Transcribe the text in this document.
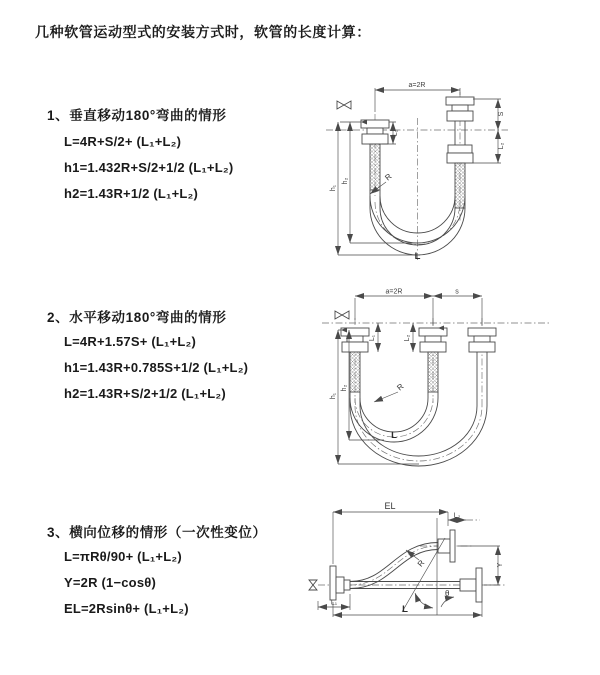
几种软管运动型式的安装方式时，软管的长度计算：
1、垂直移动180°弯曲的情形
L=4R+S/2+ (L₁+L₂)
h1=1.432R+S/2+1/2 (L₁+L₂)
h2=1.43R+1/2 (L₁+L₂)
2、水平移动180°弯曲的情形
L=4R+1.57S+ (L₁+L₂)
h1=1.43R+0.785S+1/2 (L₁+L₂)
h2=1.43R+S/2+1/2 (L₁+L₂)
3、横向位移的情形（一次性变位）
L=πRθ/90+ (L₁+L₂)
Y=2R (1−cosθ)
EL=2Rsinθ+ (L₁+L₂)
a=2R
S
L₂
h₁
h₂
L₁
R
L
a=2R	s
h₁
h₂
L₁	L₂
R
L
θ
EL
L₂
Y
L
L₁
R
